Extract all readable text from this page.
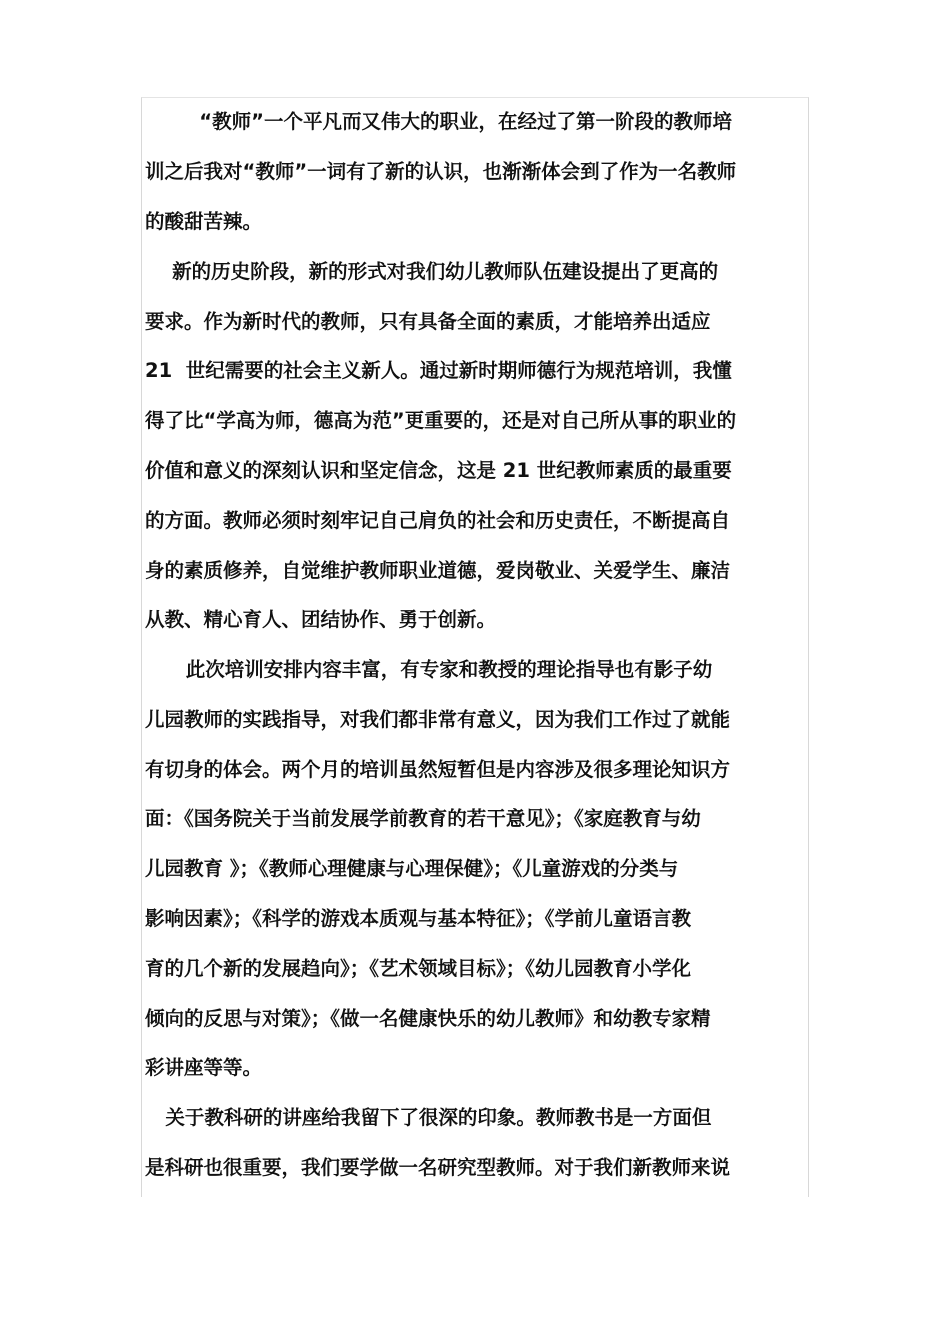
“教师”一个平凡而又伟大的职业，在经过了第一阶段的教师培
训之后我对“教师”一词有了新的认识，也渐渐体会到了作为一名教师
的酸甜苦辣。
新的历史阶段，新的形式对我们幼儿教师队伍建设提出了更高的
要求。作为新时代的教师，只有具备全面的素质，才能培养出适应
21  世纪需要的社会主义新人。通过新时期师德行为规范培训，我懂
得了比“学高为师，德高为范”更重要的，还是对自己所从事的职业的
价值和意义的深刻认识和坚定信念，这是 21 世纪教师素质的最重要
的方面。教师必须时刻牢记自己肩负的社会和历史责任，不断提高自
身的素质修养，自觉维护教师职业道德，爱岗敬业、关爱学生、廉洁
从教、精心育人、团结协作、勇于创新。
此次培训安排内容丰富，有专家和教授的理论指导也有影子幼
儿园教师的实践指导，对我们都非常有意义，因为我们工作过了就能
有切身的体会。两个月的培训虽然短暂但是内容涉及很多理论知识方
面：《国务院关于当前发展学前教育的若干意见》；《家庭教育与幼
儿园教育 》；《教师心理健康与心理保健》；《儿童游戏的分类与
影响因素》；《科学的游戏本质观与基本特征》；《学前儿童语言教
育的几个新的发展趋向》；《艺术领域目标》；《幼儿园教育小学化
倾向的反思与对策》；《做一名健康快乐的幼儿教师》和幼教专家精
彩讲座等等。
关于教科研的讲座给我留下了很深的印象。教师教书是一方面但
是科研也很重要，我们要学做一名研究型教师。对于我们新教师来说
